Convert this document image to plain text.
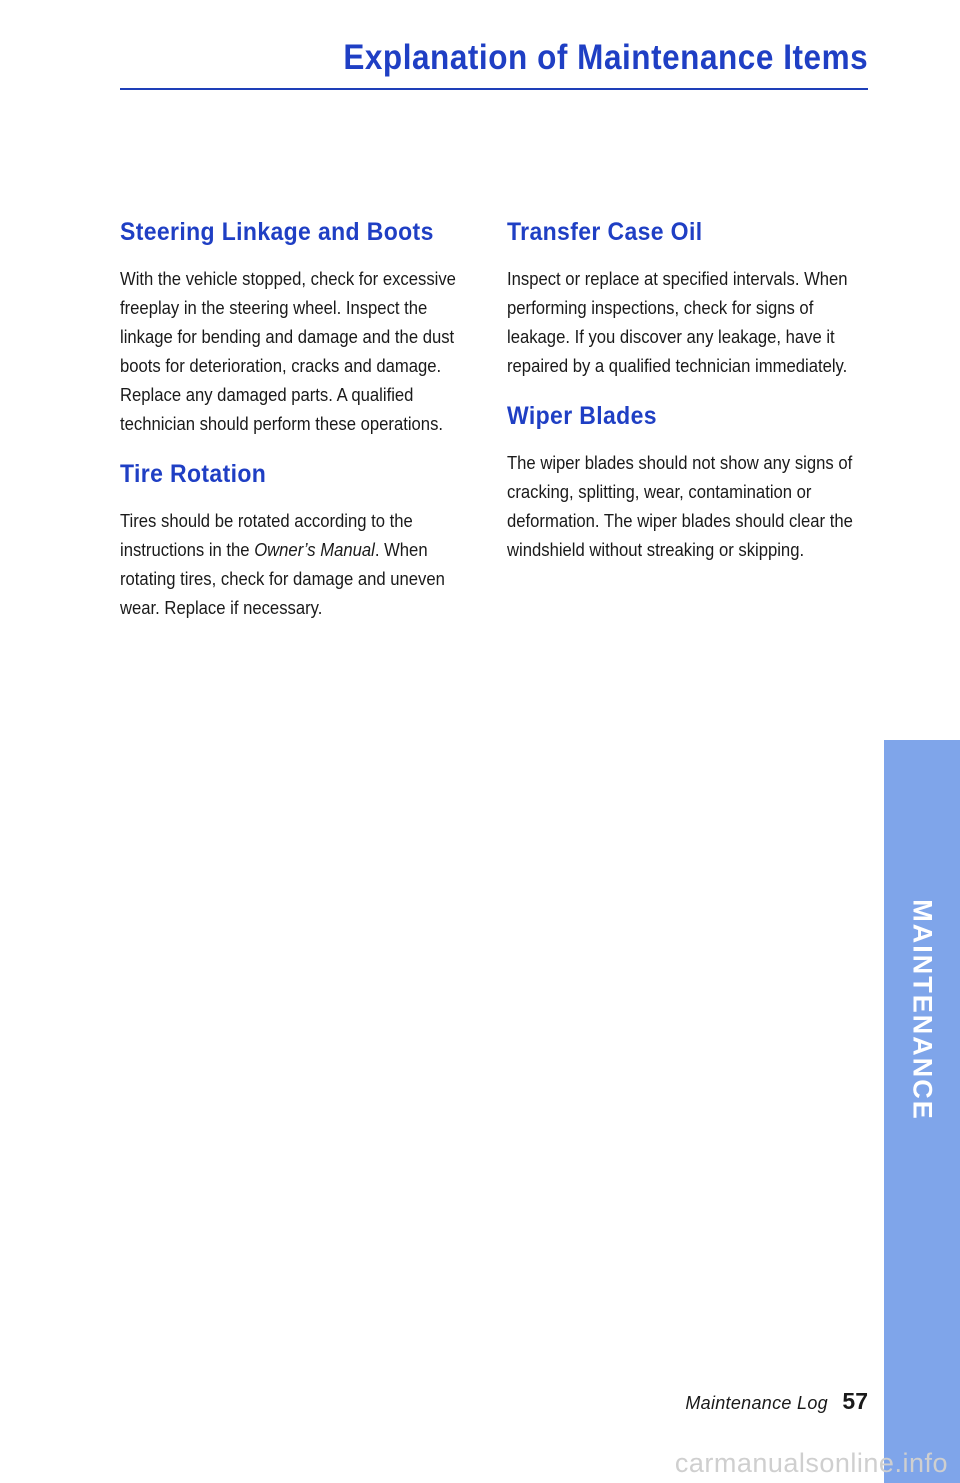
Explanation of Maintenance Items
Steering Linkage and Boots

With the vehicle stopped, check for excessive freeplay in the steering wheel. Inspect the linkage for bending and damage and the dust boots for deterioration, cracks and damage. Replace any damaged parts. A qualified technician should perform these operations.

Tire Rotation

Tires should be rotated according to the instructions in the Owner’s Manual. When rotating tires, check for damage and uneven wear. Replace if necessary.

Transfer Case Oil

Inspect or replace at specified intervals. When performing inspections, check for signs of leakage. If you discover any leakage, have it repaired by a qualified technician immediately.

Wiper Blades

The wiper blades should not show any signs of cracking, splitting, wear, contamination or deformation. The wiper blades should clear the windshield without streaking or skipping.

MAINTENANCE
Maintenance Log 57
carmanualsonline.info
